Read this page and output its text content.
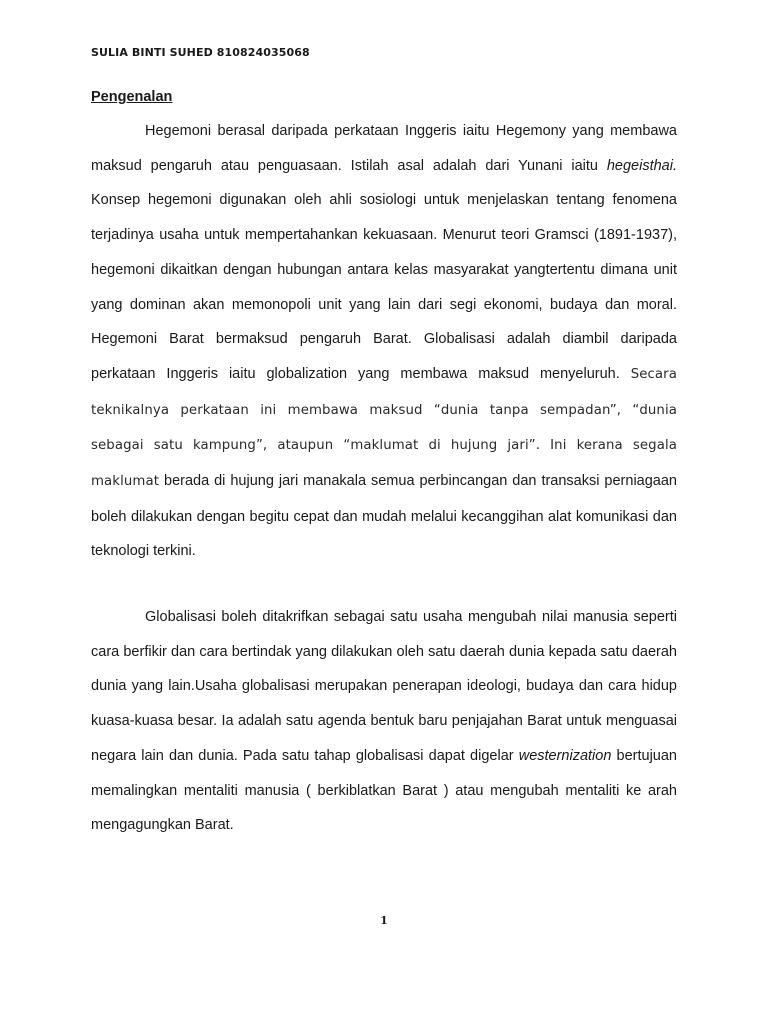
SULIA BINTI SUHED 810824035068
Pengenalan
Hegemoni berasal daripada perkataan Inggeris iaitu Hegemony yang membawa maksud pengaruh atau penguasaan. Istilah asal adalah dari Yunani iaitu hegeisthai. Konsep hegemoni digunakan oleh ahli sosiologi untuk menjelaskan tentang fenomena terjadinya usaha untuk mempertahankan kekuasaan. Menurut teori Gramsci (1891-1937), hegemoni dikaitkan dengan hubungan antara kelas masyarakat yangtertentu dimana unit yang dominan akan memonopoli unit yang lain dari segi ekonomi, budaya dan moral. Hegemoni Barat bermaksud pengaruh Barat. Globalisasi adalah diambil daripada perkataan Inggeris iaitu globalization yang membawa maksud menyeluruh. Secara teknikalnya perkataan ini membawa maksud “dunia tanpa sempadan”, “dunia sebagai satu kampung”, ataupun “maklumat di hujung jari”. Ini kerana segala maklumat berada di hujung jari manakala semua perbincangan dan transaksi perniagaan boleh dilakukan dengan begitu cepat dan mudah melalui kecanggihan alat komunikasi dan teknologi terkini.
Globalisasi boleh ditakrifkan sebagai satu usaha mengubah nilai manusia seperti cara berfikir dan cara bertindak yang dilakukan oleh satu daerah dunia kepada satu daerah dunia yang lain.Usaha globalisasi merupakan penerapan ideologi, budaya dan cara hidup kuasa-kuasa besar. Ia adalah satu agenda bentuk baru penjajahan Barat untuk menguasai negara lain dan dunia. Pada satu tahap globalisasi dapat digelar westernization bertujuan memalingkan mentaliti manusia ( berkiblatkan Barat ) atau mengubah mentaliti ke arah mengagungkan Barat.
1
